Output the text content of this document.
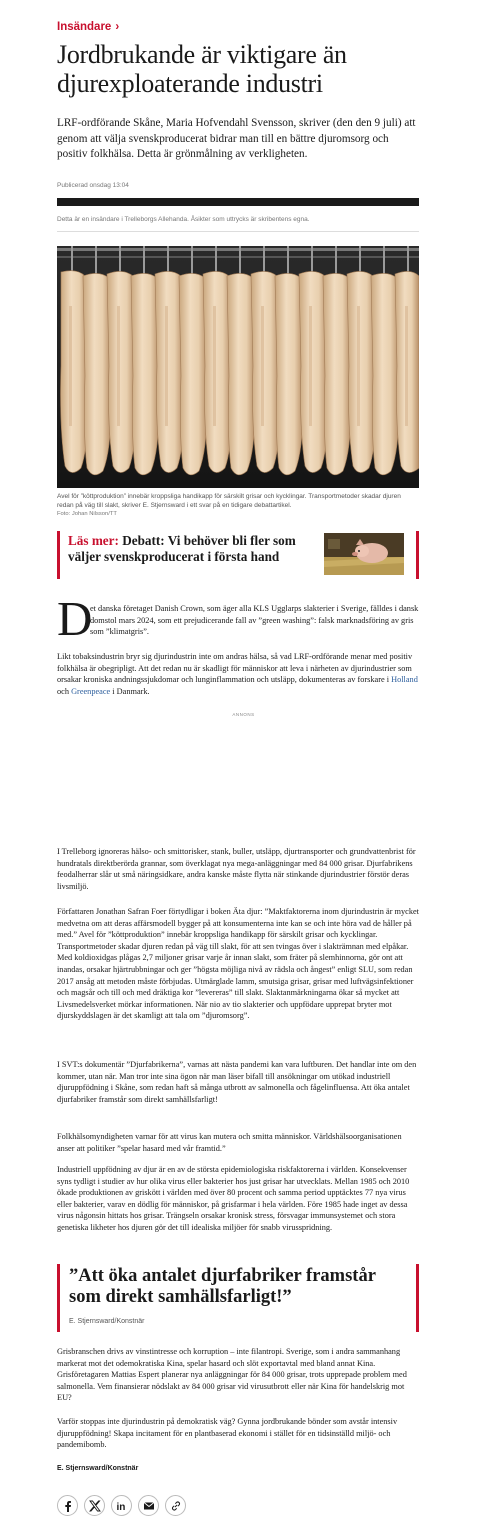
Insändare ›
Jordbrukande är viktigare än djurexploaterande industri

LRF-ordförande Skåne, Maria Hofvendahl Svensson, skriver (den den 9 juli) att genom att välja svenskproducerat bidrar man till en bättre djuromsorg och positiv folkhälsa. Detta är grönmålning av verkligheten.

Publicerad onsdag 13:04
Detta är en insändare i Trelleborgs Allehanda. Åsikter som uttrycks är skribentens egna.
Avel för ”köttproduktion” innebär kroppsliga handikapp för särskilt grisar och kycklingar. Transportmetoder skadar djuren redan på väg till slakt, skriver E. Stjernsward i ett svar på en tidigare debattartikel.
Foto: Johan Nilsson/TT
Läs mer: Debatt: Vi behöver bli fler som väljer svenskproducerat i första hand
D

et danska företaget Danish Crown, som äger alla KLS Ugglarps slakterier i Sverige, fälldes i dansk domstol mars 2024, som ett prejudicerande fall av ”green washing”: falsk marknadsföring av gris som ”klimatgris”.

Likt tobaksindustrin bryr sig djurindustrin inte om andras hälsa, så vad LRF-ordförande menar med positiv folkhälsa är obegripligt. Att det redan nu är skadligt för människor att leva i närheten av djurindustrier som orsakar kroniska andningssjukdomar och lunginflammation och utsläpp, dokumenteras av forskare i Holland och Greenpeace i Danmark.

ANNONS

I Trelleborg ignoreras hälso- och smittorisker, stank, buller, utsläpp, djurtransporter och grundvattenbrist för hundratals direktberörda grannar, som överklagat nya mega-anläggningar med 84 000 grisar. Djurfabrikens feodalherrar slår ut små näringsidkare, andra kanske måste flytta när stinkande djurindustrier förstör deras livsmiljö.

Författaren Jonathan Safran Foer förtydligar i boken Äta djur: ”Maktfaktorerna inom djurindustrin är mycket medvetna om att deras affärsmodell bygger på att konsumenterna inte kan se och inte höra vad de håller på med.” Avel för ”köttproduktion” innebär kroppsliga handikapp för särskilt grisar och kycklingar. Transportmetoder skadar djuren redan på väg till slakt, för att sen tvingas över i slakträmnan med elpåkar. Med koldioxidgas plågas 2,7 miljoner grisar varje år innan slakt, som fräter på slemhinnorna, gör ont att inandas, orsakar hjärtrubbningar och ger ”högsta möjliga nivå av rädsla och ångest” enligt SLU, som redan 2017 ansåg att metoden måste förbjudas. Utmärglade lamm, smutsiga grisar, grisar med luftvägsinfektioner och magsår och till och med dräktiga kor ”levereras” till slakt. Slaktanmärkningarna ökar så mycket att Livsmedelsverket mörkar informationen. När nio av tio slakterier och uppfödare upprepat bryter mot djurskyddslagen är det skamligt att tala om ”djuromsorg”.

I SVT:s dokumentär ”Djurfabrikerna”, varnas att nästa pandemi kan vara luftburen. Det handlar inte om den kommer, utan när. Man tror inte sina ögon när man läser bifall till ansökningar om utökad industriell djuruppfödning i Skåne, som redan haft så många utbrott av salmonella och fågelinfluensa. Att öka antalet djurfabriker framstår som direkt samhällsfarligt!

Folkhälsomyndigheten varnar för att virus kan mutera och smitta människor. Världshälsoorganisationen anser att politiker ”spelar hasard med vår framtid.”

Industriell uppfödning av djur är en av de största epidemiologiska riskfaktorerna i världen. Konsekvenser syns tydligt i studier av hur olika virus eller bakterier hos just grisar har utvecklats. Mellan 1985 och 2010 ökade produktionen av griskött i världen med över 80 procent och samma period upptäcktes 77 nya virus eller bakterier, varav en dödlig för människor, på grisfarmar i hela världen. Före 1985 hade inget av dessa virus någonsin hittats hos grisar. Trängseln orsakar kronisk stress, försvagar immunsystemet och stora genetiska likheter hos djuren gör det till idealiska miljöer för snabb virusspridning.

”Att öka antalet djurfabriker framstår som direkt samhällsfarligt!”
E. Stjernsward/Konstnär

Grisbranschen drivs av vinstintresse och korruption – inte filantropi. Sverige, som i andra sammanhang markerat mot det odemokratiska Kina, spelar hasard och slöt exportavtal med bland annat Kina. Grisföretagaren Mattias Espert planerar nya anläggningar för 84 000 grisar, trots upprepade problem med salmonella. Vem finansierar nödslakt av 84 000 grisar vid virusutbrott eller när Kina för handelskrig mot EU?

Varför stoppas inte djurindustrin på demokratisk väg? Gynna jordbrukande bönder som avstår intensiv djuruppfödning! Skapa incitament för en plantbaserad ekonomi i stället för en tidsinställd miljö- och pandemibomb.

E. Stjernsward/Konstnär
in
